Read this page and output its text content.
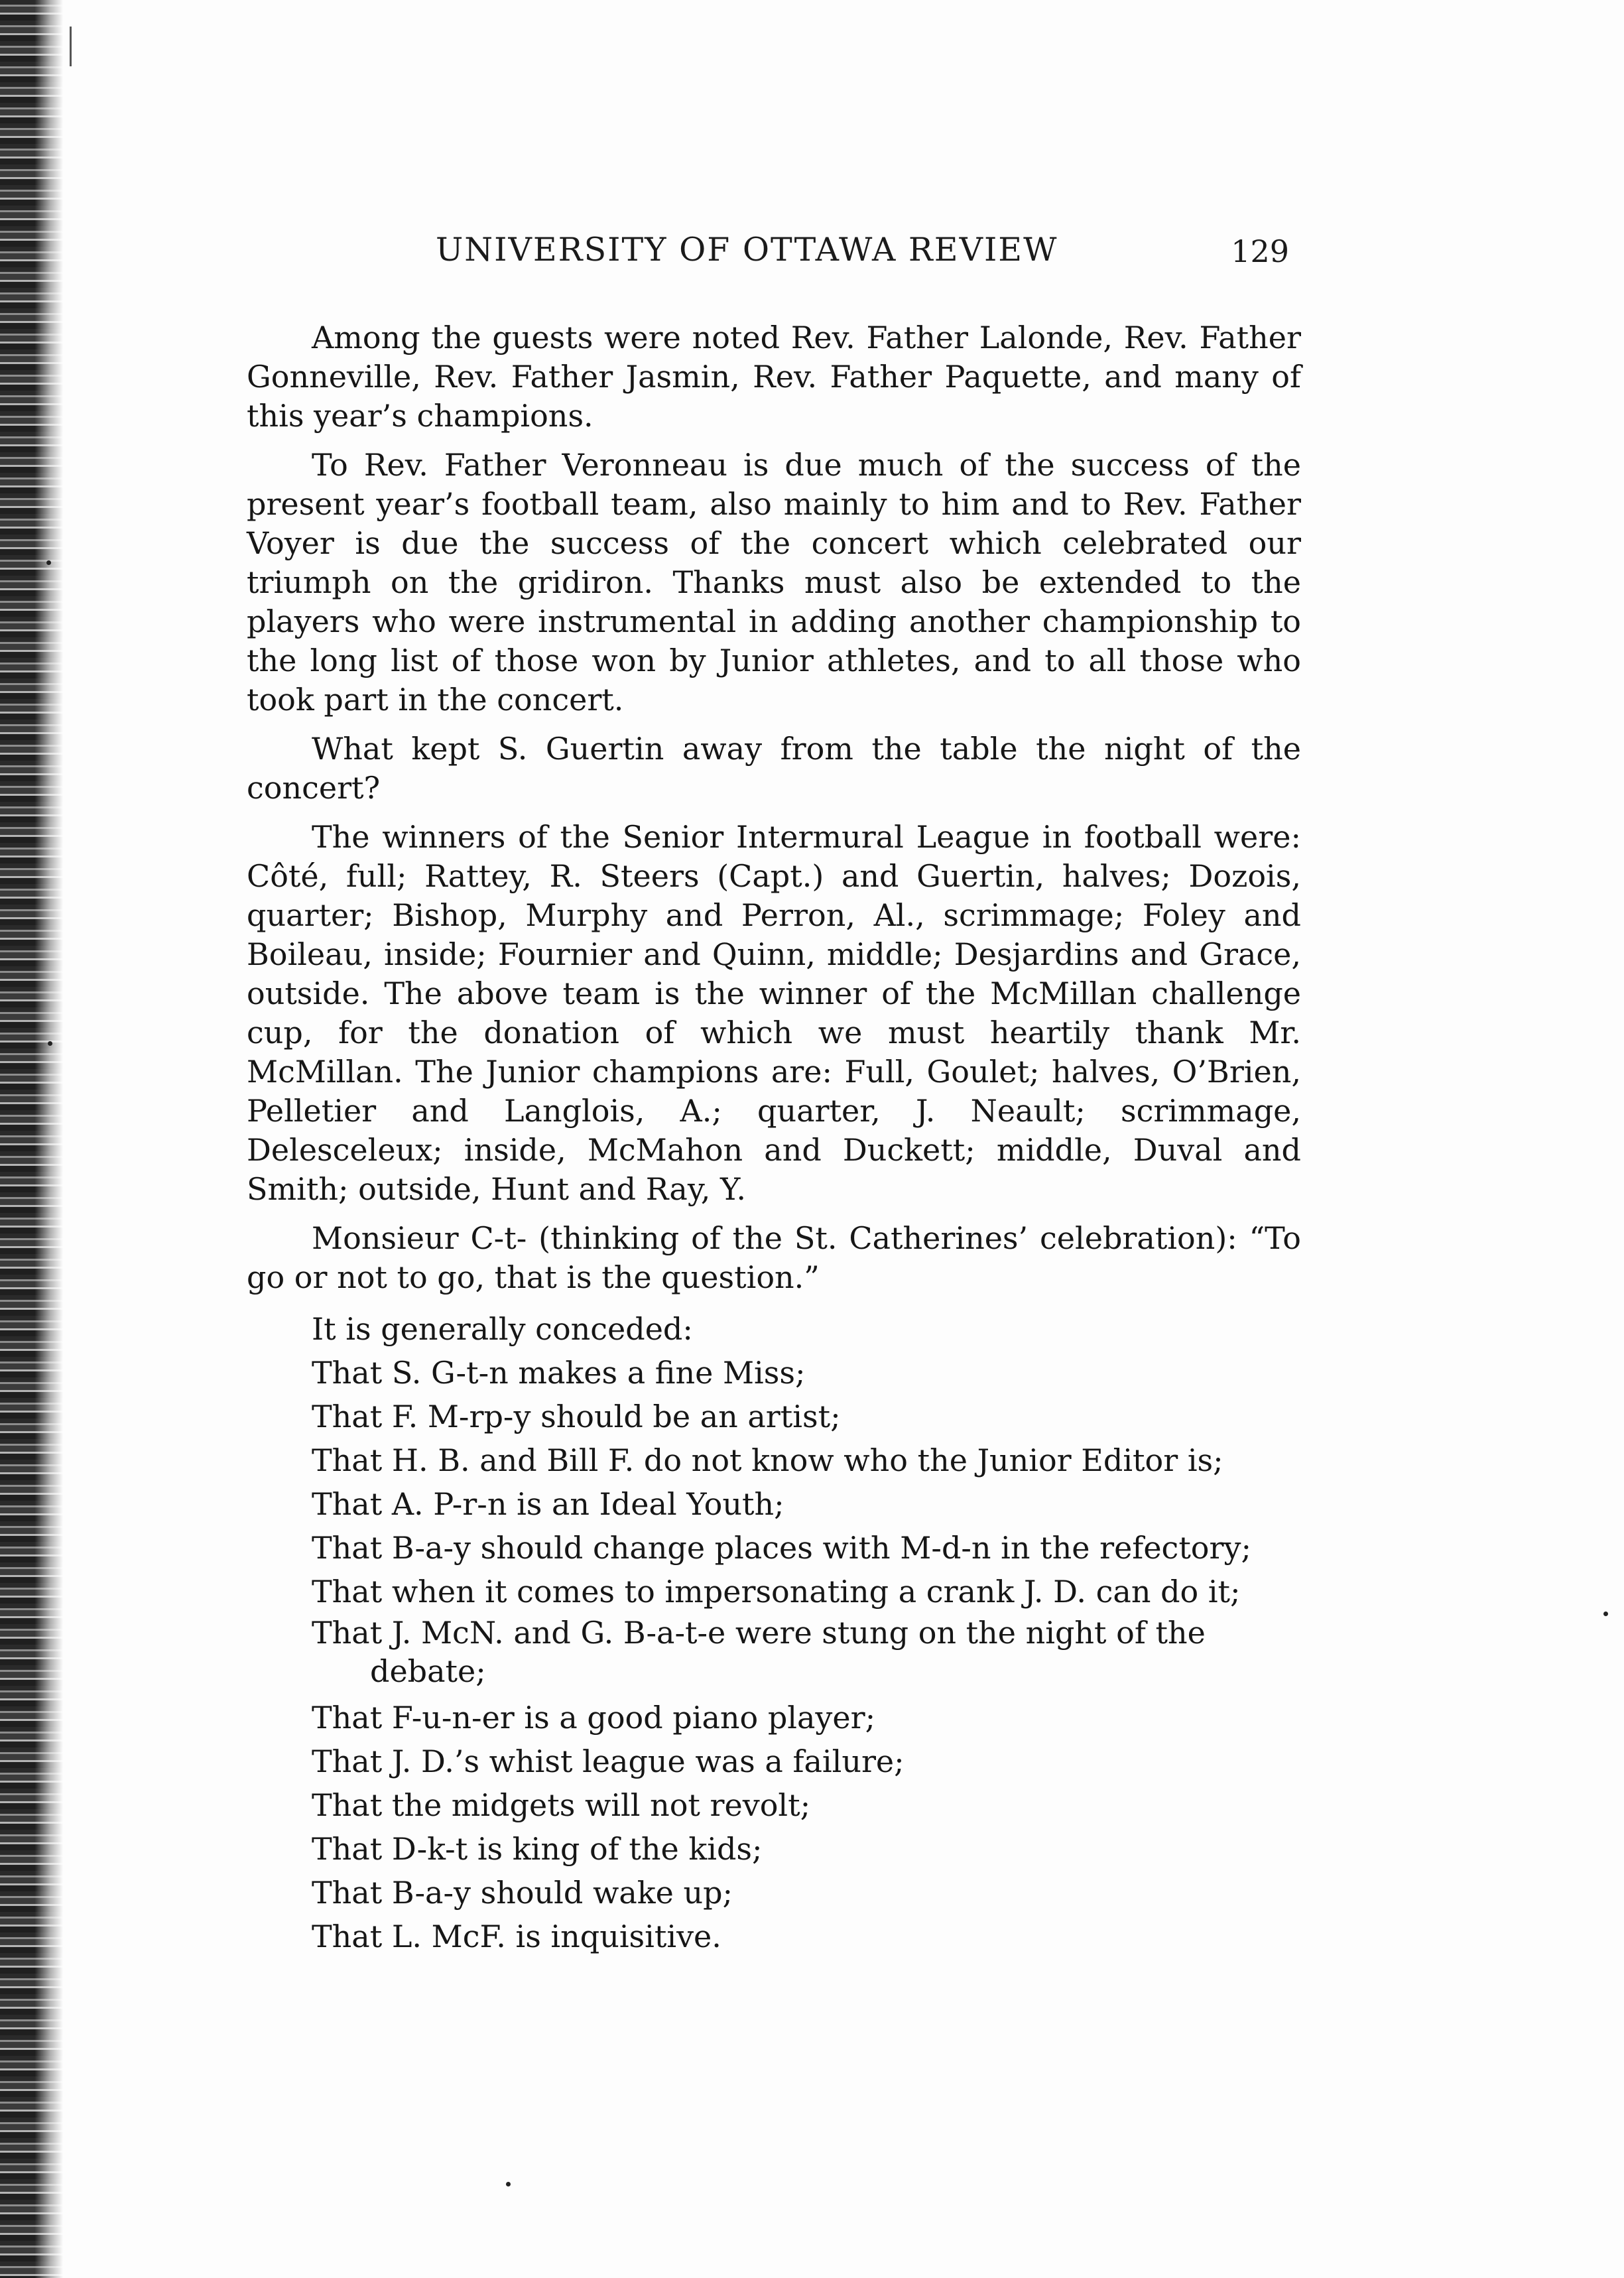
UNIVERSITY OF OTTAWA REVIEW	129

Among the guests were noted Rev. Father Lalonde, Rev. Father Gonneville, Rev. Father Jasmin, Rev. Father Paquette, and many of this year’s champions.

To Rev. Father Veronneau is due much of the success of the present year’s football team, also mainly to him and to Rev. Father Voyer is due the success of the concert which celebrated our triumph on the gridiron. Thanks must also be extended to the players who were instrumental in adding another championship to the long list of those won by Junior athletes, and to all those who took part in the concert.

What kept S. Guertin away from the table the night of the concert?

The winners of the Senior Intermural League in football were: Côté, full; Rattey, R. Steers (Capt.) and Guertin, halves; Dozois, quarter; Bishop, Murphy and Perron, Al., scrimmage; Foley and Boileau, inside; Fournier and Quinn, middle; Desjardins and Grace, outside. The above team is the winner of the McMillan challenge cup, for the donation of which we must heartily thank Mr. McMillan. The Junior champions are: Full, Goulet; halves, O’Brien, Pelletier and Langlois, A.; quarter, J. Neault; scrimmage, Delesceleux; inside, McMahon and Duckett; middle, Duval and Smith; outside, Hunt and Ray, Y.

Monsieur C-t- (thinking of the St. Catherines’ celebration): “To go or not to go, that is the question.”

It is generally conceded:
That S. G-t-n makes a fine Miss;
That F. M-rp-y should be an artist;
That H. B. and Bill F. do not know who the Junior Editor is;
That A. P-r-n is an Ideal Youth;
That B-a-y should change places with M-d-n in the refectory;
That when it comes to impersonating a crank J. D. can do it;
That J. McN. and G. B-a-t-e were stung on the night of the
debate;
That F-u-n-er is a good piano player;
That J. D.’s whist league was a failure;
That the midgets will not revolt;
That D-k-t is king of the kids;
That B-a-y should wake up;
That L. McF. is inquisitive.
